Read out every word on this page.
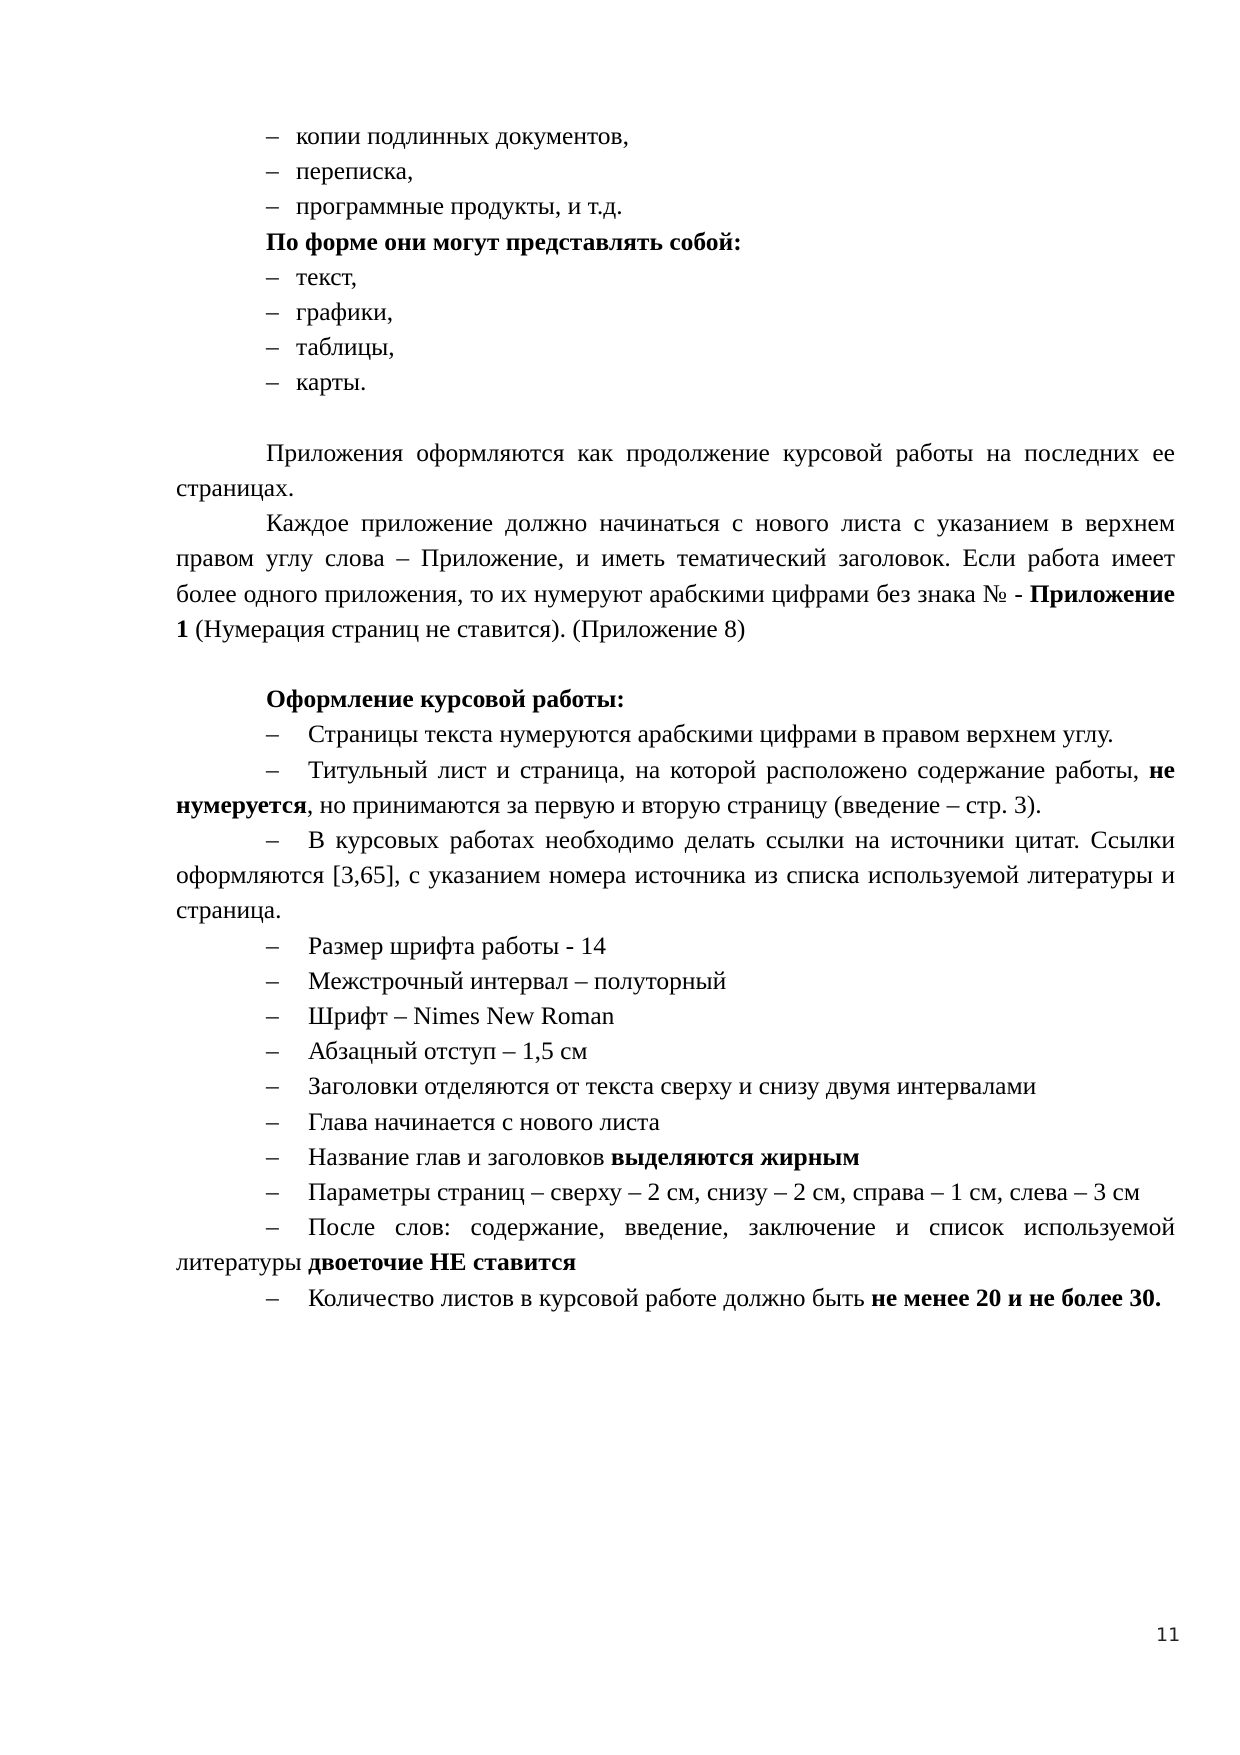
– копии подлинных документов,
– переписка,
– программные продукты, и т.д.
По форме они могут представлять собой:
– текст,
– графики,
– таблицы,
– карты.

Приложения оформляются как продолжение курсовой работы на последних ее страницах.

Каждое приложение должно начинаться с нового листа с указанием в верхнем правом углу слова – Приложение, и иметь тематический заголовок. Если работа имеет более одного приложения, то их нумеруют арабскими цифрами без знака № - Приложение 1 (Нумерация страниц не ставится). (Приложение 8)

Оформление курсовой работы:

– Страницы текста нумеруются арабскими цифрами в правом верхнем углу.

– Титульный лист и страница, на которой расположено содержание работы, не нумеруется, но принимаются за первую и вторую страницу (введение – стр. 3).

– В курсовых работах необходимо делать ссылки на источники цитат. Ссылки оформляются [3,65], с указанием номера источника из списка используемой литературы и страница.

– Размер шрифта работы - 14
– Межстрочный интервал – полуторный
– Шрифт – Nimes New Roman
– Абзацный отступ – 1,5 см
– Заголовки отделяются от текста сверху и снизу двумя интервалами
– Глава начинается с нового листа
– Название глав и заголовков выделяются жирным

– Параметры страниц – сверху – 2 см, снизу – 2 см, справа – 1 см, слева – 3 см

– После слов: содержание, введение, заключение и список используемой литературы двоеточие НЕ ставится

– Количество листов в курсовой работе должно быть не менее 20 и не более 30.

11
